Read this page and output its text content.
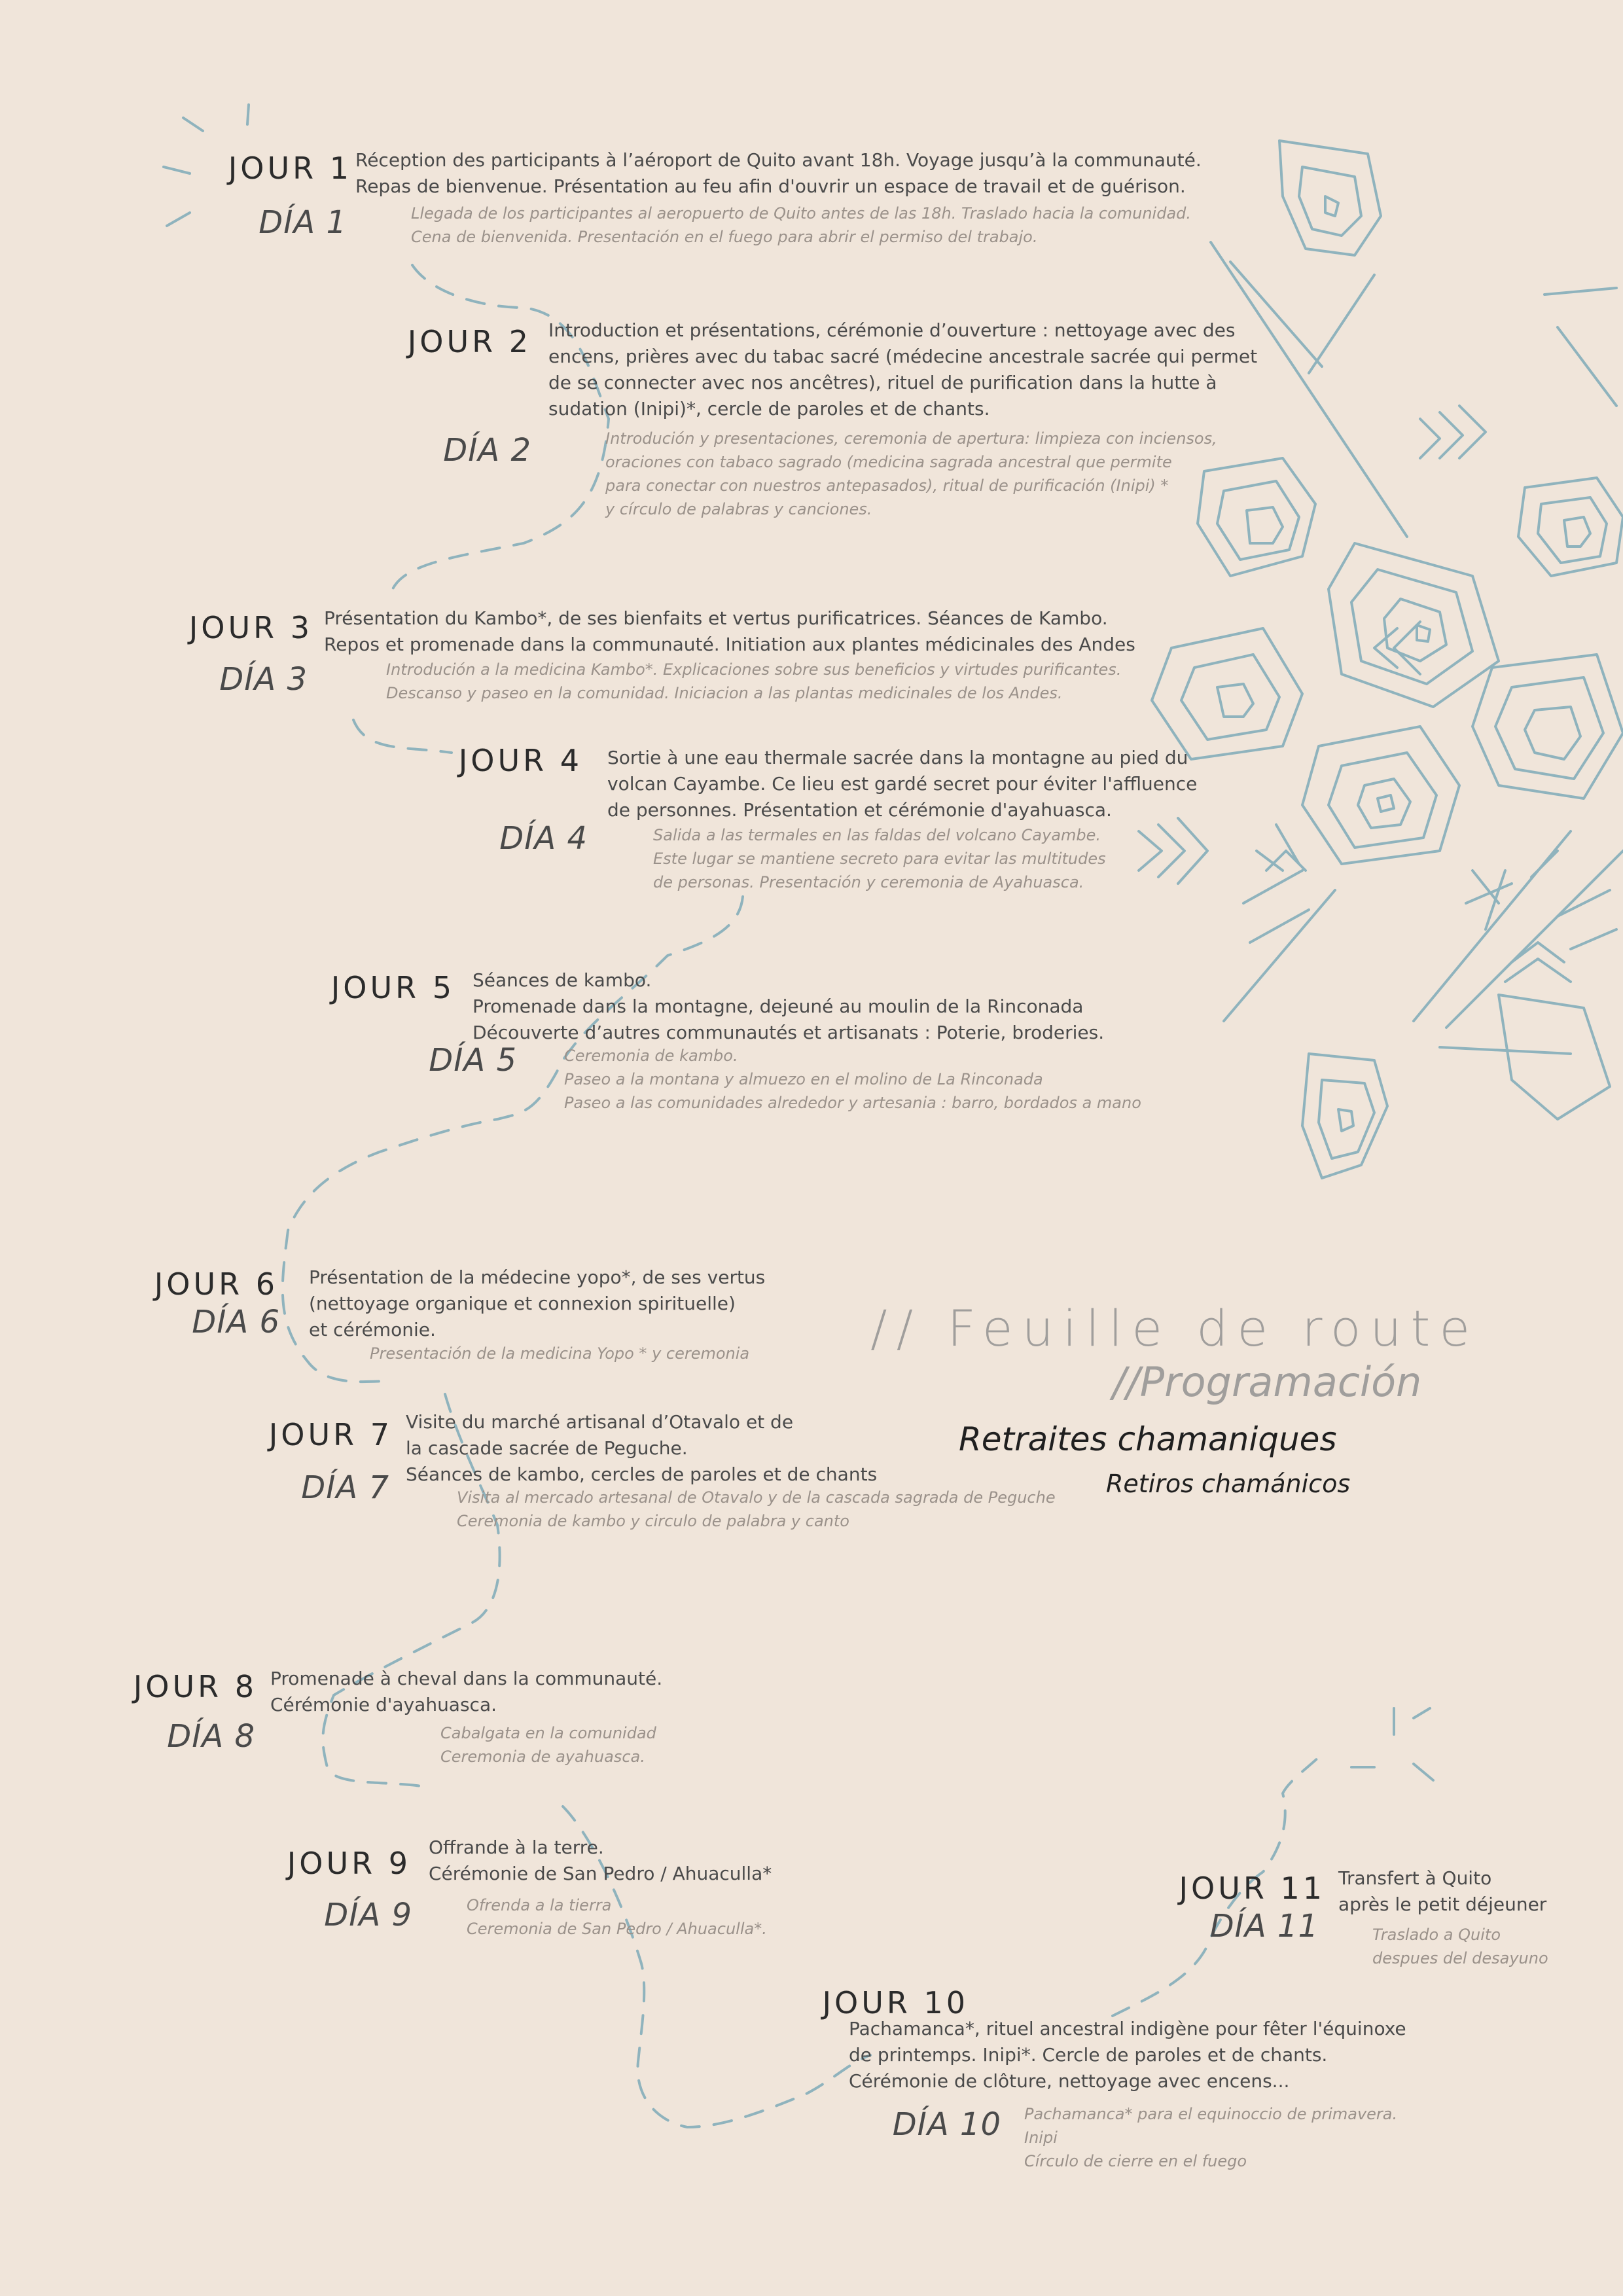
JOUR 1
DÍA 1
Réception des participants à l’aéroport de Quito avant 18h. Voyage jusqu’à la communauté.
Repas de bienvenue. Présentation au feu afin d'ouvrir un espace de travail et de guérison.
Llegada de los participantes al aeropuerto de Quito antes de las 18h. Traslado hacia la comunidad.
Cena de bienvenida. Presentación en el fuego para abrir el permiso del trabajo.
JOUR 2
DÍA 2
Introduction et présentations, cérémonie d’ouverture : nettoyage avec des
encens, prières avec du tabac sacré (médecine ancestrale sacrée qui permet
de se connecter avec nos ancêtres), rituel de purification dans la hutte à
sudation (Inipi)*, cercle de paroles et de chants.
Introdución y presentaciones, ceremonia de apertura: limpieza con inciensos,
oraciones con tabaco sagrado (medicina sagrada ancestral que permite
para conectar con nuestros antepasados), ritual de purificación (Inipi) *
y círculo de palabras y canciones.
JOUR 3
DÍA 3
Présentation du Kambo*, de ses bienfaits et vertus purificatrices. Séances de Kambo.
Repos et promenade dans la communauté. Initiation aux plantes médicinales des Andes
Introdución a la medicina Kambo*. Explicaciones sobre sus beneficios y virtudes purificantes.
Descanso y paseo en la comunidad. Iniciacion a las plantas medicinales de los Andes.
JOUR 4
DÍA 4
Sortie à une eau thermale sacrée dans la montagne au pied du
volcan Cayambe. Ce lieu est gardé secret pour éviter l'affluence
de personnes. Présentation et cérémonie d'ayahuasca.
Salida a las termales en las faldas del volcano Cayambe.
Este lugar se mantiene secreto para evitar las multitudes
de personas. Presentación y ceremonia de Ayahuasca.
JOUR 5
DÍA 5
Séances de kambo.
Promenade dans la montagne, dejeuné au moulin de la Rinconada
Découverte d’autres communautés et artisanats : Poterie, broderies.
Ceremonia de kambo.
Paseo a la montana y almuezo en el molino de La Rinconada
Paseo a las comunidades alrededor y artesania : barro, bordados a mano
JOUR 6
DÍA 6
Présentation de la médecine yopo*, de ses vertus
(nettoyage organique et connexion spirituelle)
et cérémonie.
Presentación de la medicina Yopo * y ceremonia
JOUR 7
DÍA 7
Visite du marché artisanal d’Otavalo et de
la cascade sacrée de Peguche.
Séances de kambo, cercles de paroles et de chants
Visita al mercado artesanal de Otavalo y de la cascada sagrada de Peguche
Ceremonia de kambo y circulo de palabra y canto
JOUR 8
DÍA 8
Promenade à cheval dans la communauté.
Cérémonie d'ayahuasca.
Cabalgata en la comunidad
Ceremonia de ayahuasca.
JOUR 9
DÍA 9
Offrande à la terre.
Cérémonie de San Pedro / Ahuaculla*
Ofrenda a la tierra
Ceremonia de San Pedro / Ahuaculla*.
JOUR 10
DÍA 10
Pachamanca*, rituel ancestral indigène pour fêter l'équinoxe
de printemps. Inipi*. Cercle de paroles et de chants.
Cérémonie de clôture, nettoyage avec encens...
Pachamanca* para el equinoccio de primavera.
Inipi
Círculo de cierre en el fuego
JOUR 11
DÍA 11
Transfert à Quito
après le petit déjeuner
Traslado a Quito
despues del desayuno
// Feuille de route
//Programación
Retraites chamaniques
Retiros chamánicos
